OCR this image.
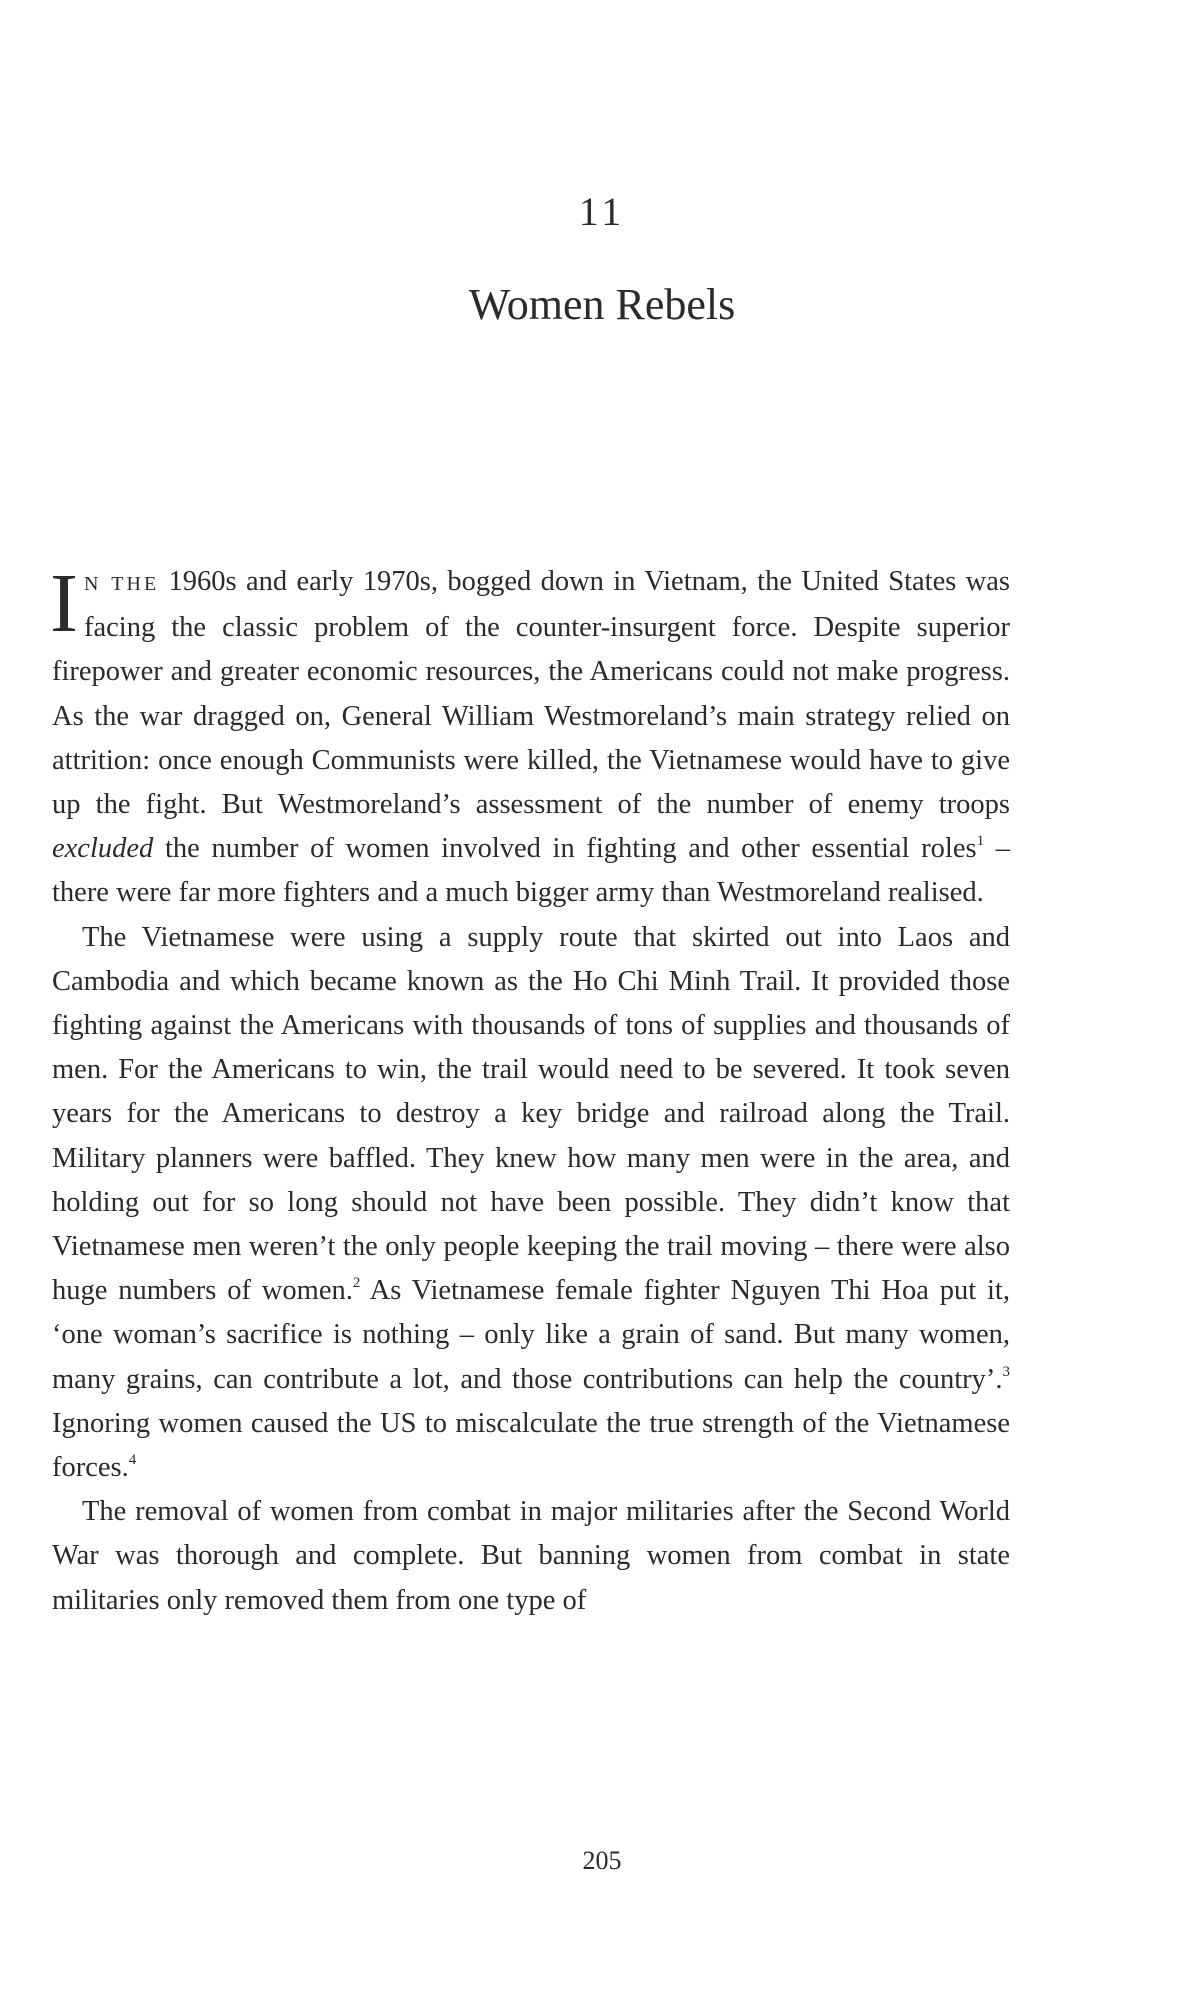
11
Women Rebels

I N THE 1960s and early 1970s, bogged down in Vietnam, the United States was facing the classic problem of the counter-insurgent force. Despite superior firepower and greater economic resources, the Americans could not make progress. As the war dragged on, General William Westmoreland’s main strategy relied on attrition: once enough Communists were killed, the Vietnamese would have to give up the fight. But Westmoreland’s assessment of the number of enemy troops excluded the number of women involved in fighting and other essential roles$^1$ – there were far more fighters and a much bigger army than Westmoreland realised.

The Vietnamese were using a supply route that skirted out into Laos and Cambodia and which became known as the Ho Chi Minh Trail. It provided those fighting against the Americans with thousands of tons of supplies and thousands of men. For the Americans to win, the trail would need to be severed. It took seven years for the Americans to destroy a key bridge and railroad along the Trail. Military planners were baffled. They knew how many men were in the area, and holding out for so long should not have been possible. They didn’t know that Vietnamese men weren’t the only people keeping the trail moving – there were also huge numbers of women.$^2$ As Vietnamese female fighter Nguyen Thi Hoa put it, ‘one woman’s sacrifice is nothing – only like a grain of sand. But many women, many grains, can contribute a lot, and those contributions can help the country’.$^3$ Ignoring women caused the US to miscalculate the true strength of the Vietnamese forces.$^4$

The removal of women from combat in major militaries after the Second World War was thorough and complete. But banning women from combat in state militaries only removed them from one type of

205
